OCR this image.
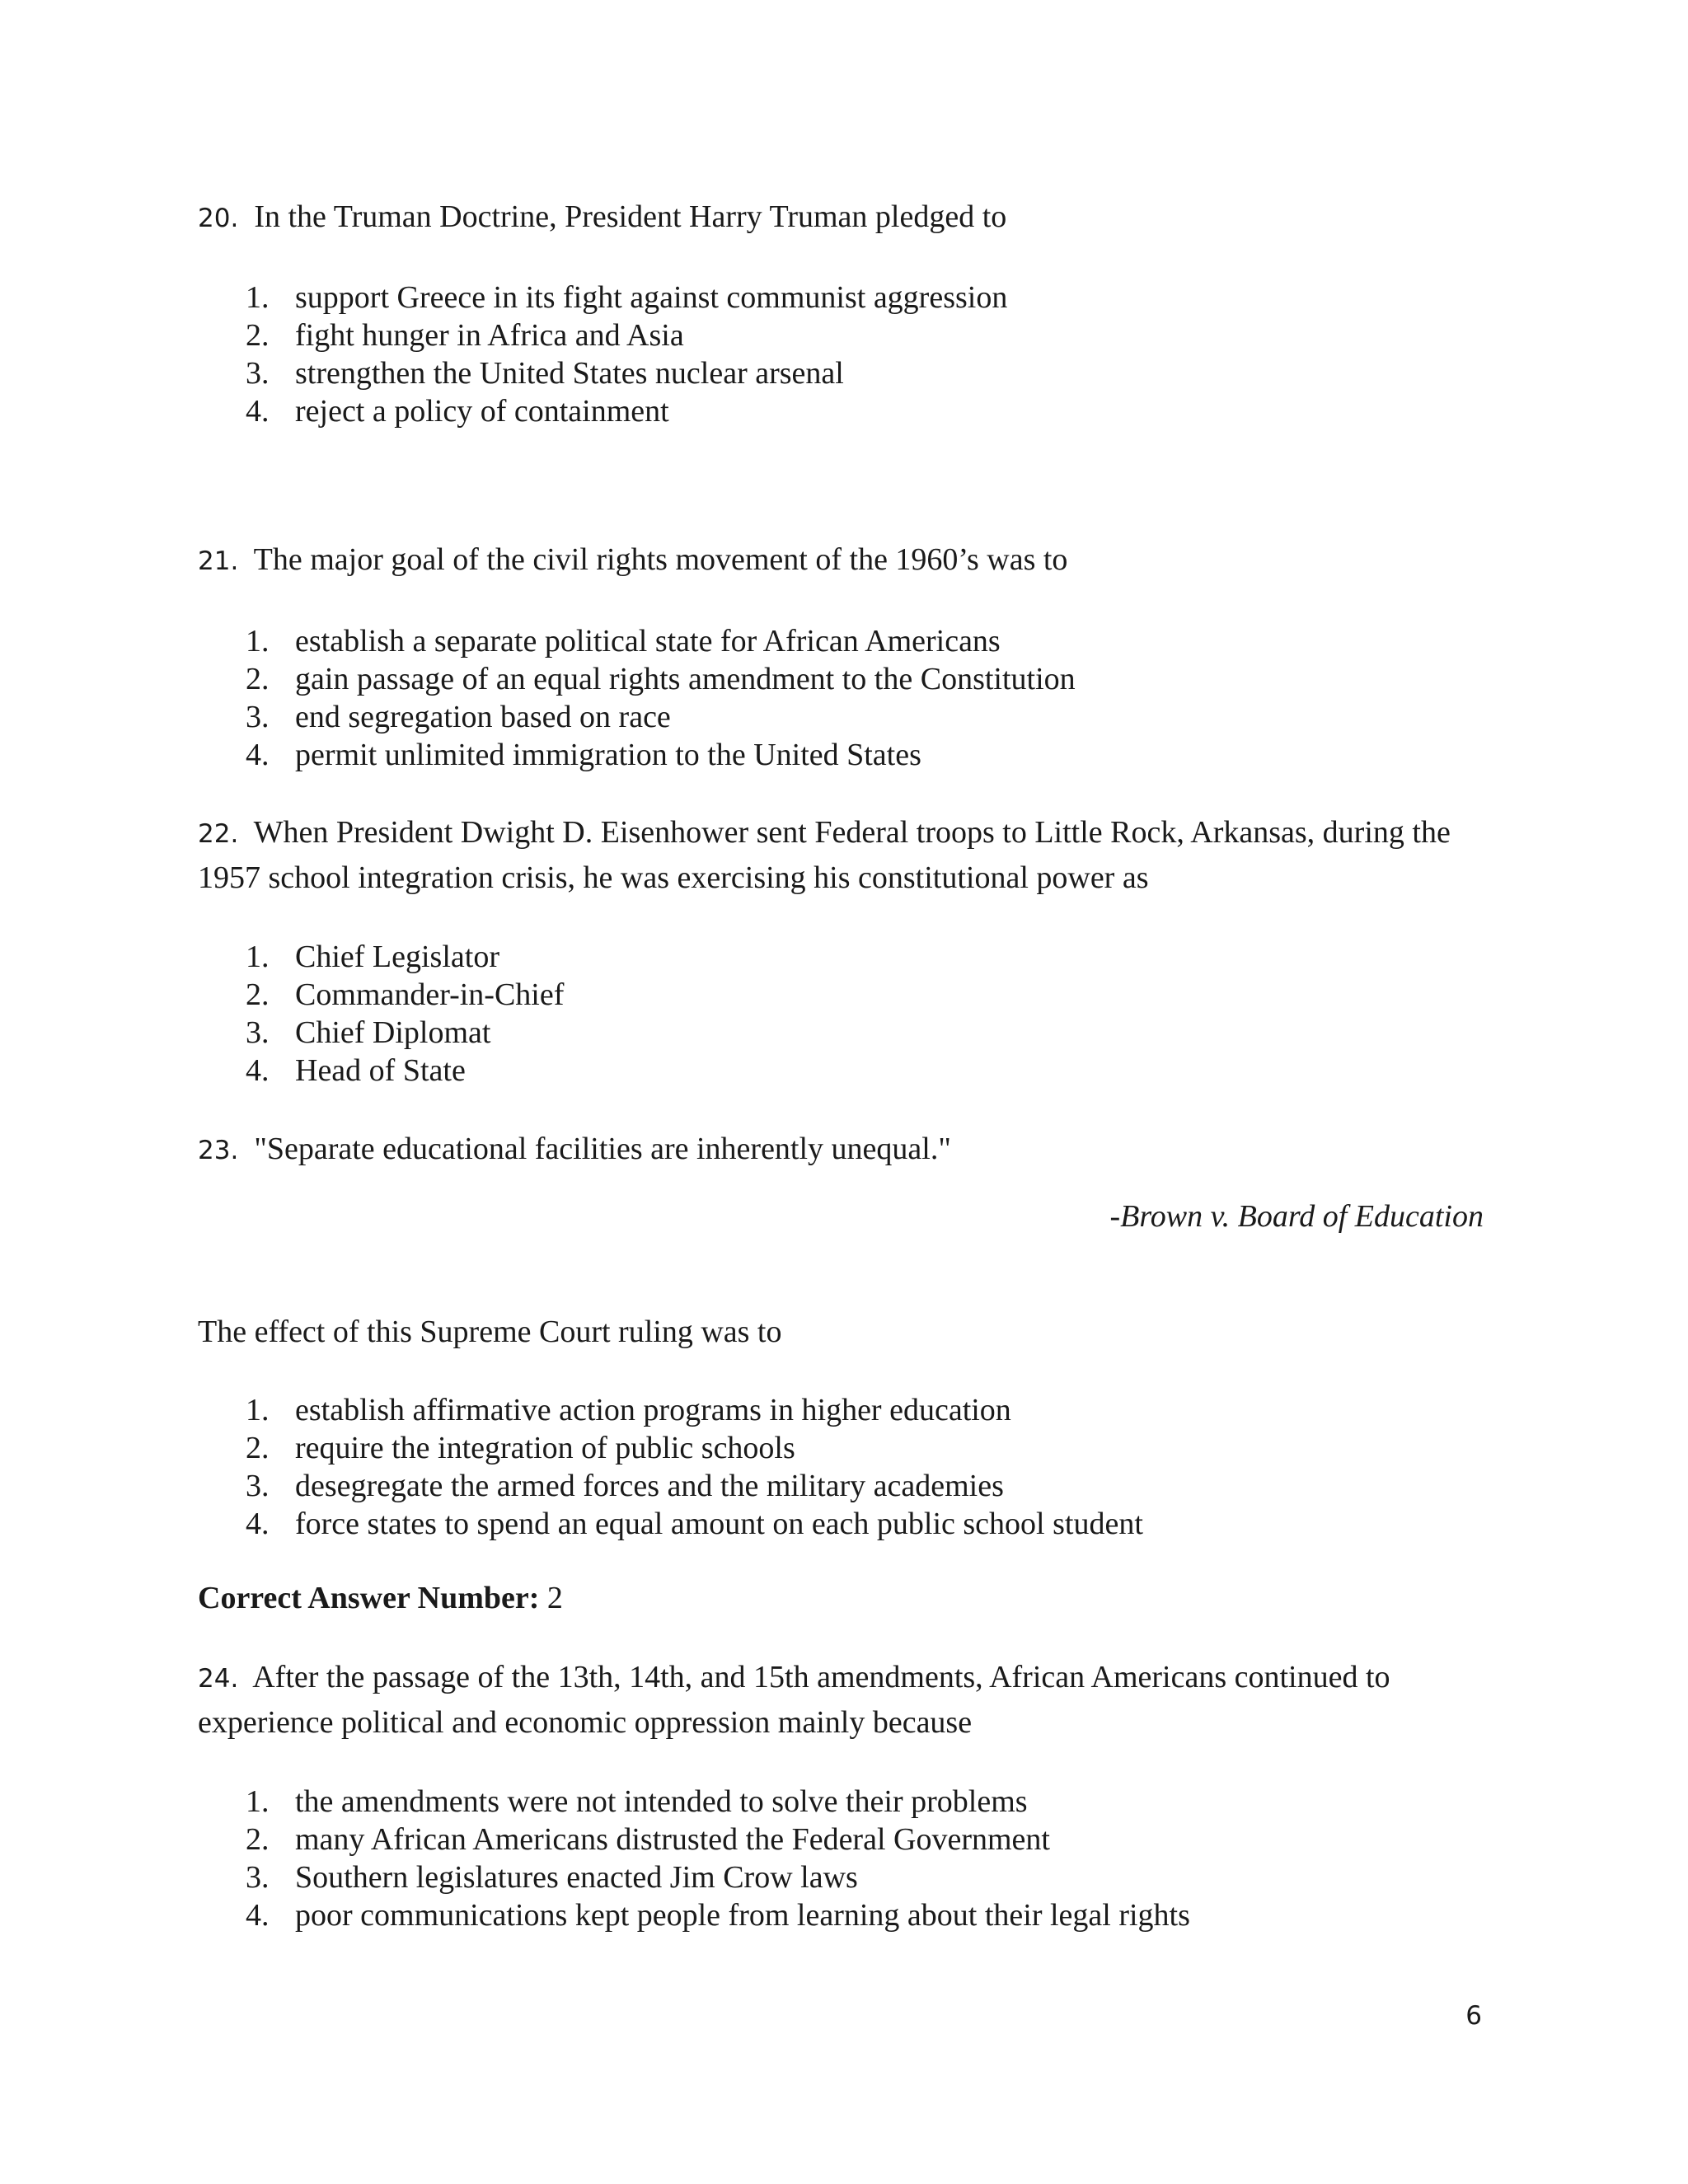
20. In the Truman Doctrine, President Harry Truman pledged to

1. support Greece in its fight against communist aggression
2. fight hunger in Africa and Asia
3. strengthen the United States nuclear arsenal
4. reject a policy of containment

21. The major goal of the civil rights movement of the 1960’s was to

1. establish a separate political state for African Americans
2. gain passage of an equal rights amendment to the Constitution
3. end segregation based on race
4. permit unlimited immigration to the United States

22. When President Dwight D. Eisenhower sent Federal troops to Little Rock, Arkansas, during the 1957 school integration crisis, he was exercising his constitutional power as

1. Chief Legislator
2. Commander-in-Chief
3. Chief Diplomat
4. Head of State

23. "Separate educational facilities are inherently unequal."

-Brown v. Board of Education

The effect of this Supreme Court ruling was to

1. establish affirmative action programs in higher education
2. require the integration of public schools
3. desegregate the armed forces and the military academies
4. force states to spend an equal amount on each public school student

Correct Answer Number: 2

24. After the passage of the 13th, 14th, and 15th amendments, African Americans continued to experience political and economic oppression mainly because

1. the amendments were not intended to solve their problems
2. many African Americans distrusted the Federal Government
3. Southern legislatures enacted Jim Crow laws
4. poor communications kept people from learning about their legal rights

6
